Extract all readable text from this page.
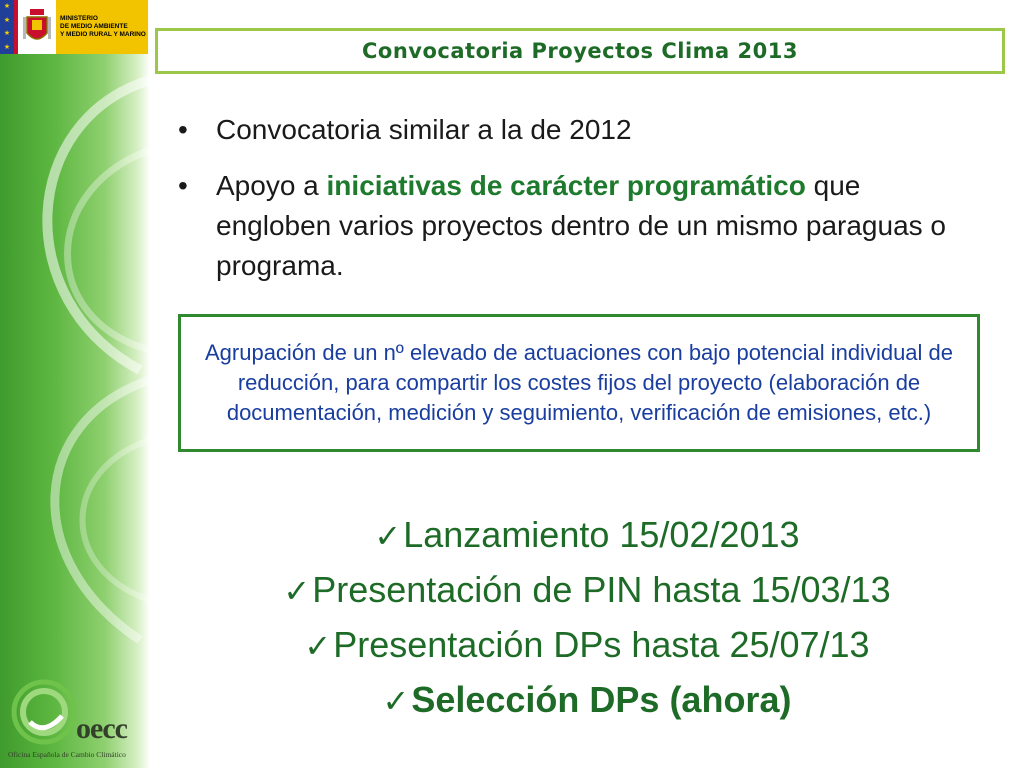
★
★
★
★
MINISTERIO
DE MEDIO AMBIENTE
Y MEDIO RURAL Y MARINO
oecc
Oficina Española de Cambio Climático
Convocatoria Proyectos Clima 2013
• Convocatoria similar a la de 2012
• Apoyo a iniciativas de carácter programático que engloben varios proyectos dentro de un mismo paraguas o programa.

Agrupación de un nº elevado de actuaciones con bajo potencial individual de reducción, para compartir los costes fijos del proyecto (elaboración de documentación, medición y seguimiento, verificación de emisiones, etc.)

✓Lanzamiento 15/02/2013
✓Presentación de PIN hasta 15/03/13
✓Presentación DPs hasta 25/07/13
✓Selección DPs (ahora)
